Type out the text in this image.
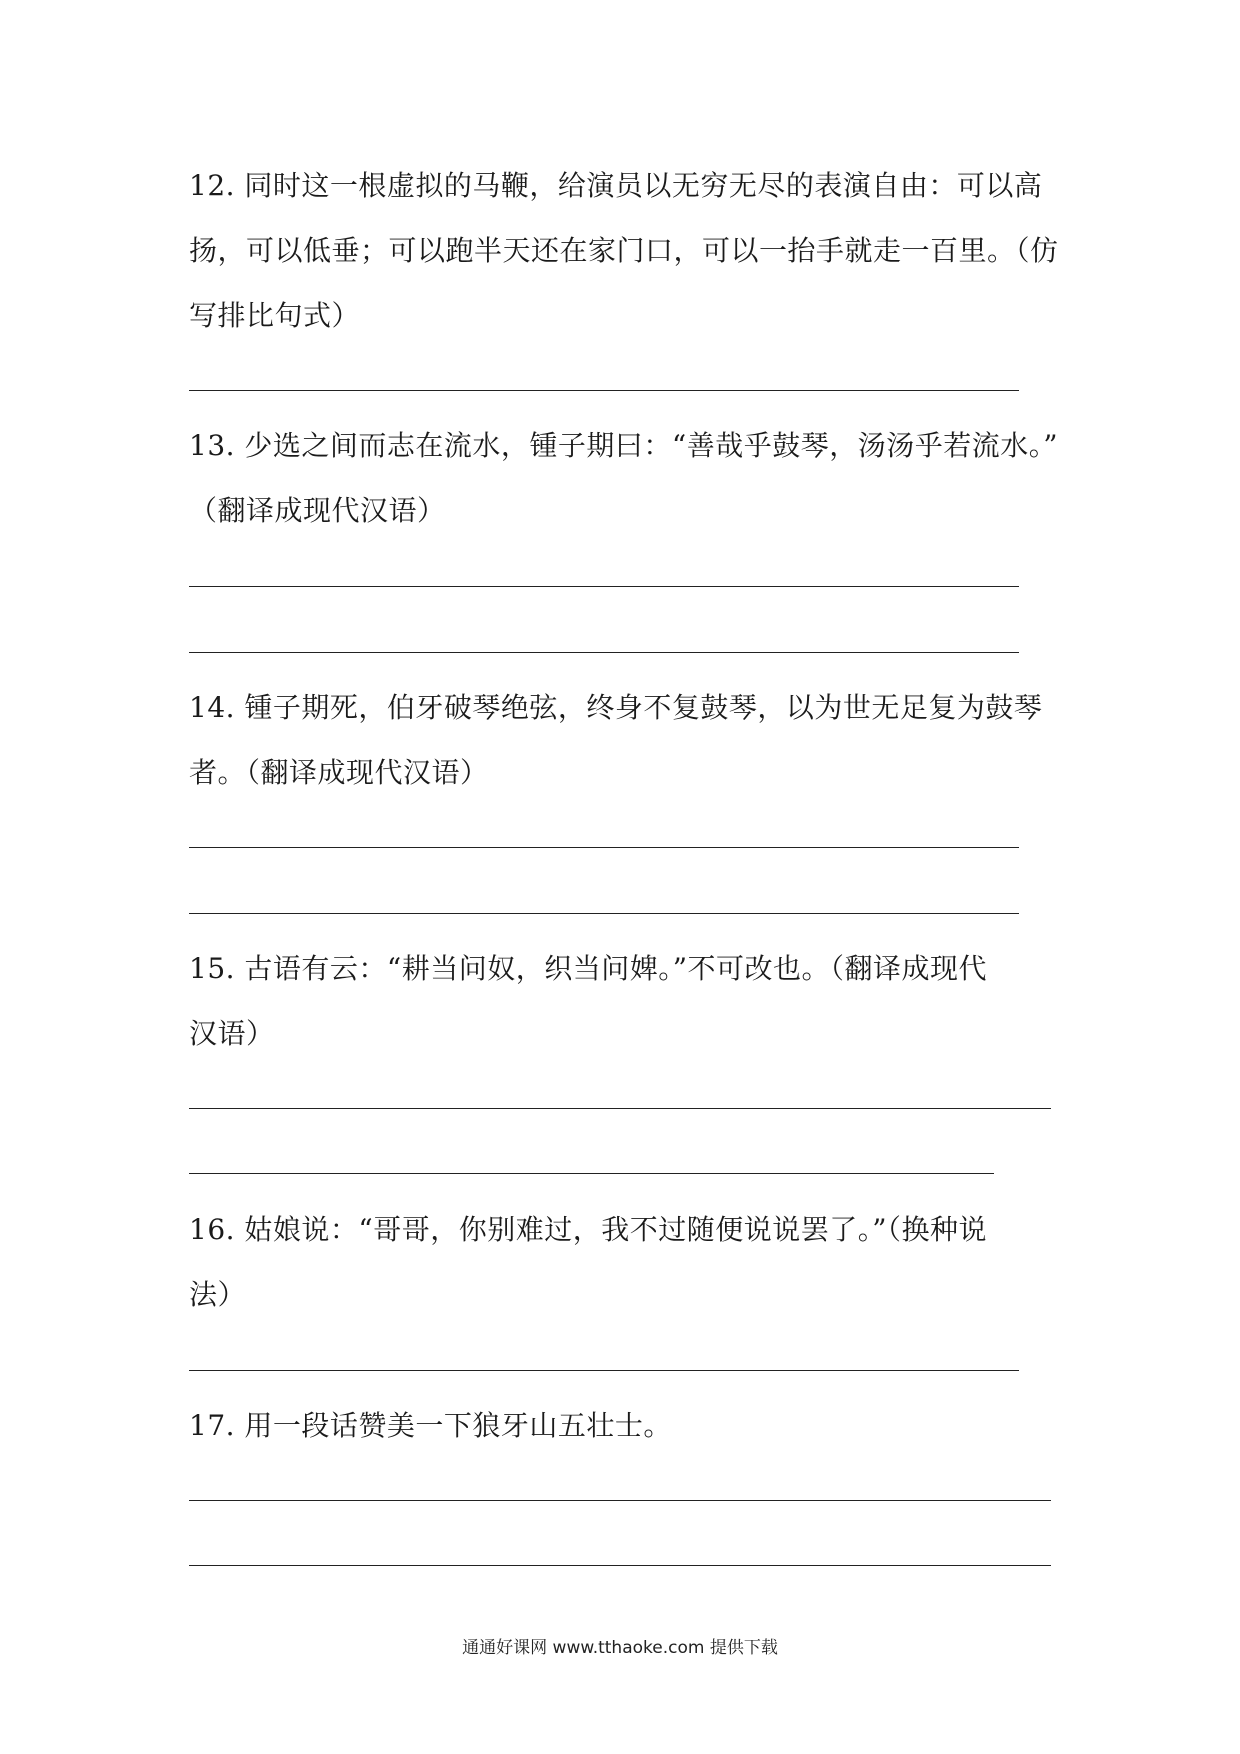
12. 同时这一根虚拟的马鞭，给演员以无穷无尽的表演自由：可以高
扬，可以低垂；可以跑半天还在家门口，可以一抬手就走一百里。（仿
写排比句式）
13. 少选之间而志在流水，锺子期曰：“善哉乎鼓琴，汤汤乎若流水。”
（翻译成现代汉语）
14. 锺子期死，伯牙破琴绝弦，终身不复鼓琴，以为世无足复为鼓琴
者。（翻译成现代汉语）
15. 古语有云：“耕当问奴，织当问婢。”不可改也。（翻译成现代
汉语）
16. 姑娘说：“哥哥，你别难过，我不过随便说说罢了。”（换种说
法）
17. 用一段话赞美一下狼牙山五壮士。
通通好课网 www.tthaoke.com 提供下载
